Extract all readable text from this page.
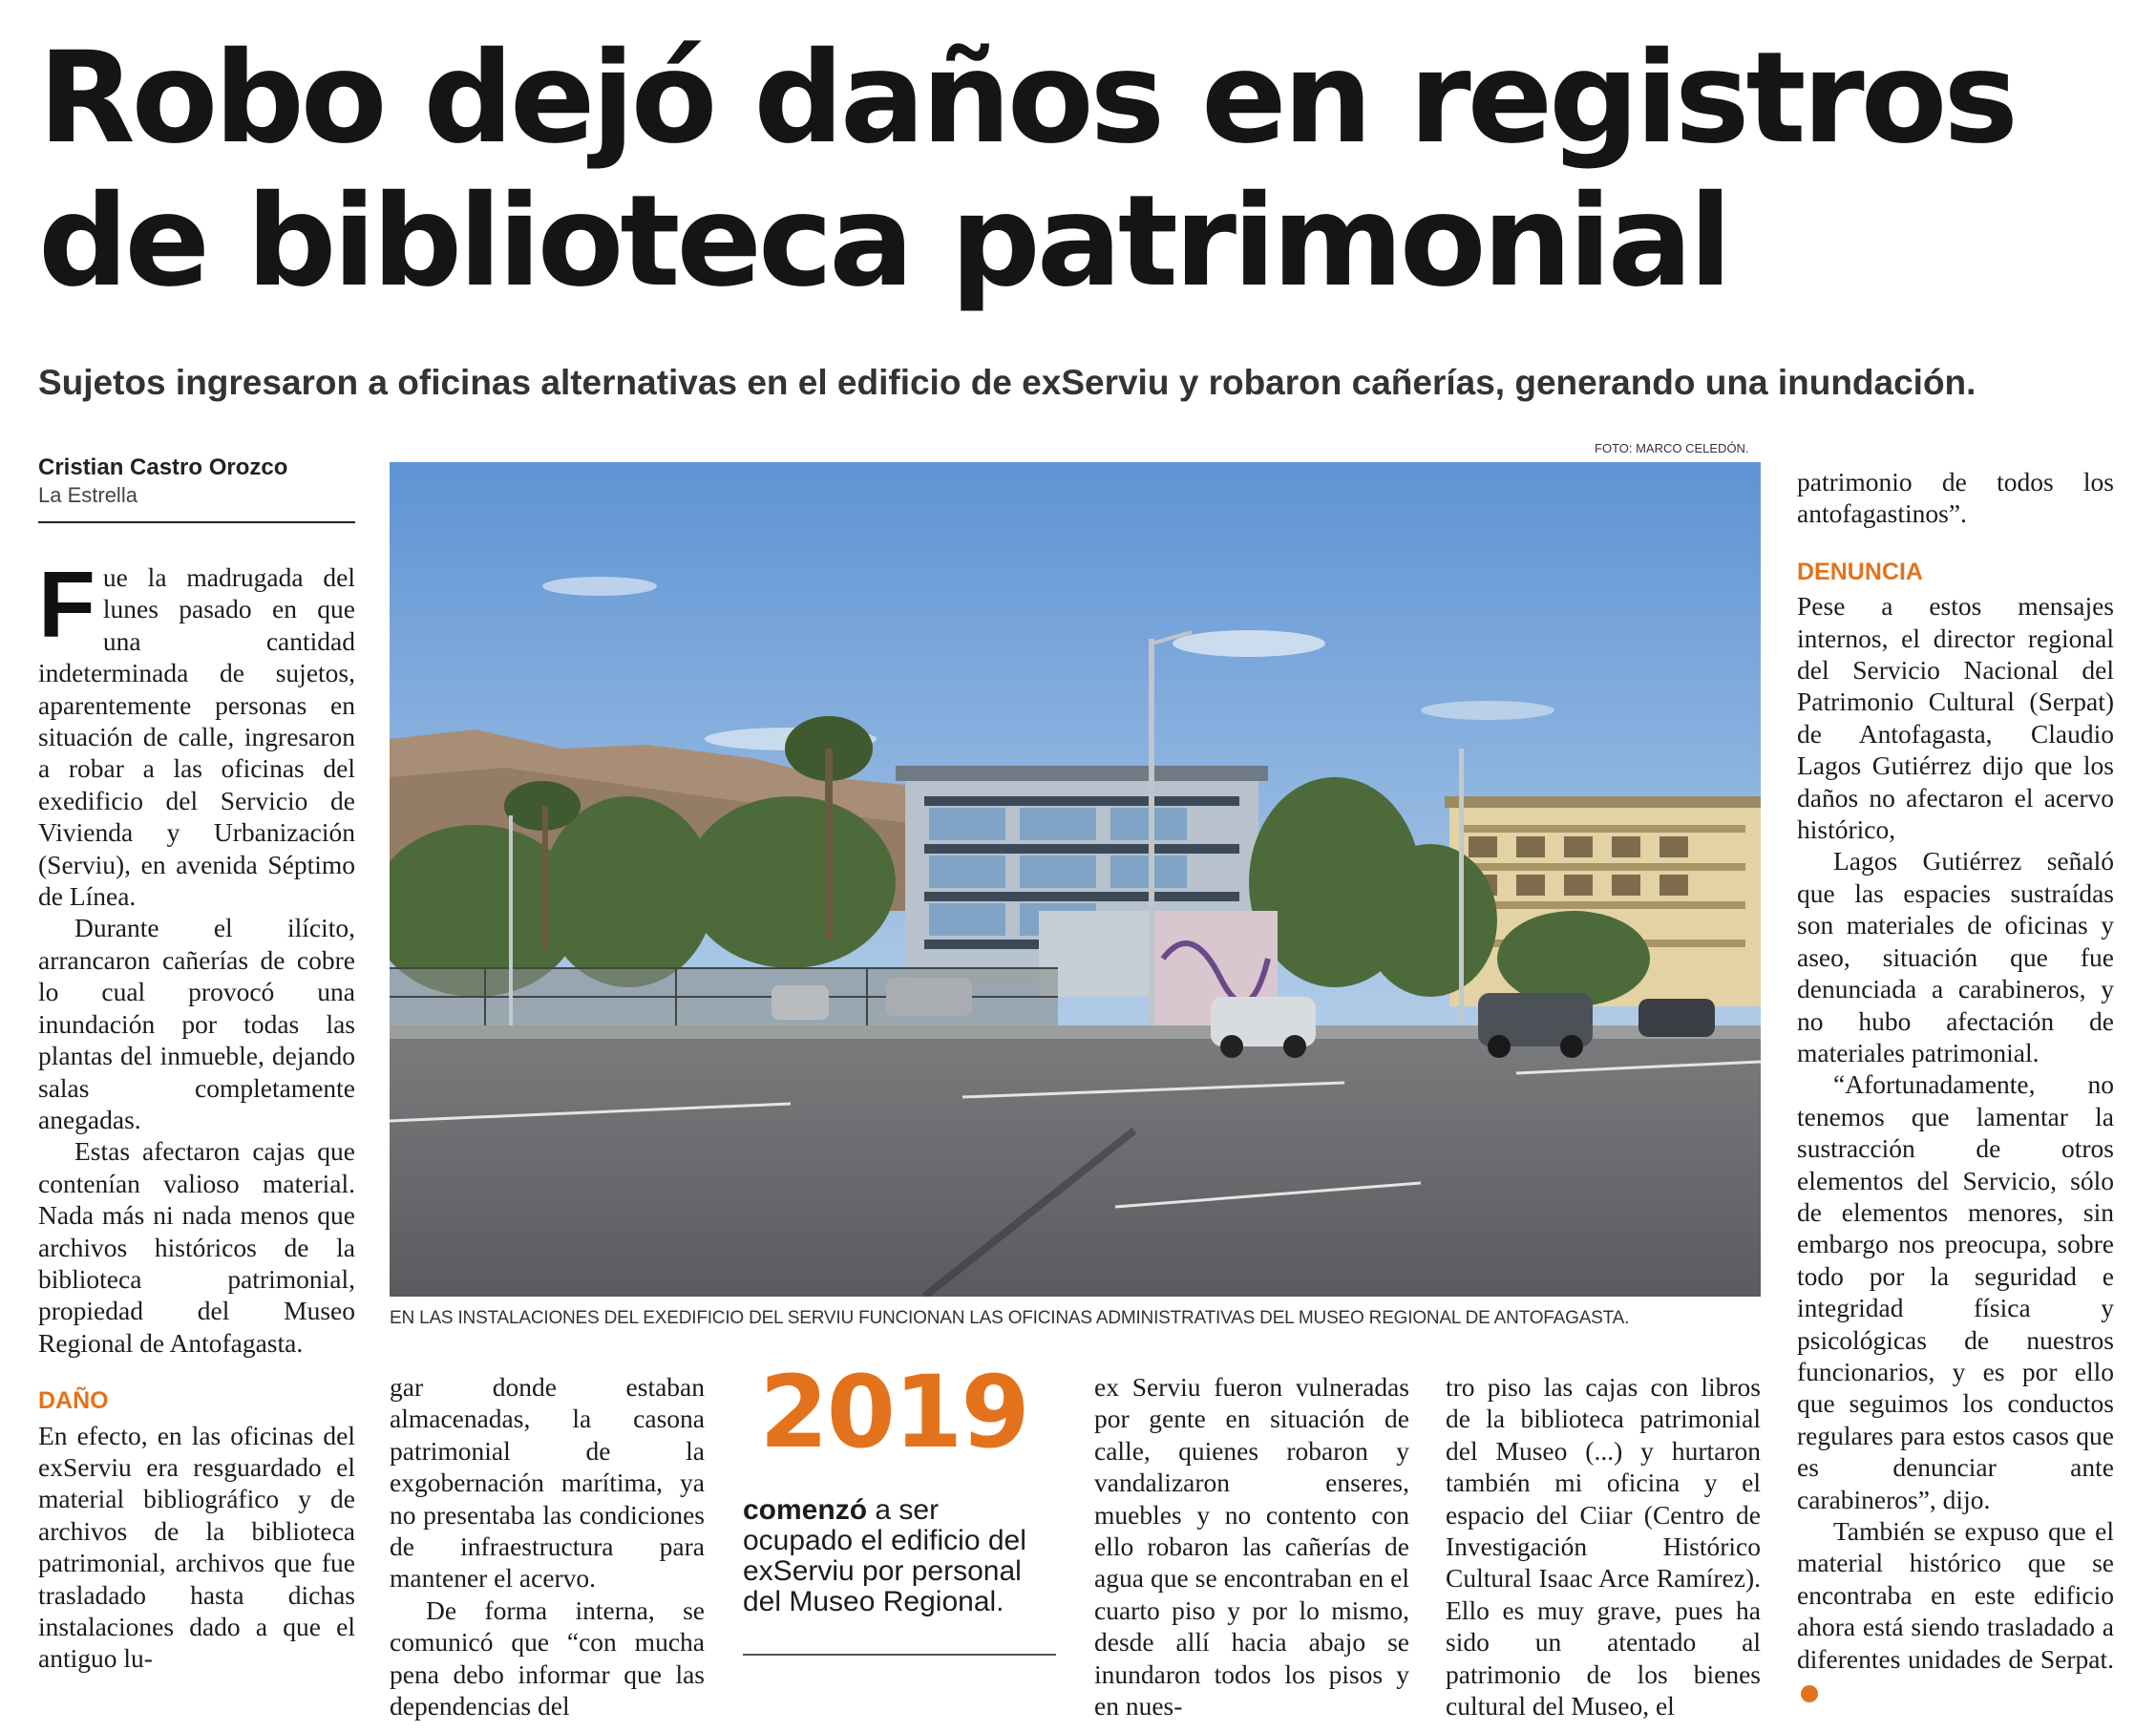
Robo dejó daños en registros de biblioteca patrimonial

Sujetos ingresaron a oficinas alternativas en el edificio de exServiu y robaron cañerías, generando una inundación.

Cristian Castro Orozco
La Estrella

Fue la madrugada del lunes pasado en que una cantidad indeterminada de sujetos, aparentemente personas en situación de calle, ingresaron a robar a las oficinas del exedificio del Servicio de Vivienda y Urbanización (Serviu), en avenida Séptimo de Línea.

Durante el ilícito, arrancaron cañerías de cobre lo cual provocó una inundación por todas las plantas del inmueble, dejando salas completamente anegadas.

Estas afectaron cajas que contenían valioso material. Nada más ni nada menos que archivos históricos de la biblioteca patrimonial, propiedad del Museo Regional de Antofagasta.

DAÑO

En efecto, en las oficinas del exServiu era resguardado el material bibliográfico y de archivos de la biblioteca patrimonial, archivos que fue trasladado hasta dichas instalaciones dado a que el antiguo lu-

FOTO: MARCO CELEDÓN.
EN LAS INSTALACIONES DEL EXEDIFICIO DEL SERVIU FUNCIONAN LAS OFICINAS ADMINISTRATIVAS DEL MUSEO REGIONAL DE ANTOFAGASTA.

gar donde estaban almacenadas, la casona patrimonial de la exgobernación marítima, ya no presentaba las condiciones de infraestructura para mantener el acervo.

De forma interna, se comunicó que “con mucha pena debo informar que las dependencias del

2019
comenzó a ser ocupado el edificio del exServiu por personal del Museo Regional.

ex Serviu fueron vulneradas por gente en situación de calle, quienes robaron y vandalizaron enseres, muebles y no contento con ello robaron las cañerías de agua que se encontraban en el cuarto piso y por lo mismo, desde allí hacia abajo se inundaron todos los pisos y en nues-

tro piso las cajas con libros de la biblioteca patrimonial del Museo (...) y hurtaron también mi oficina y el espacio del Ciiar (Centro de Investigación Histórico Cultural Isaac Arce Ramírez). Ello es muy grave, pues ha sido un atentado al patrimonio de los bienes cultural del Museo, el

patrimonio de todos los antofagastinos”.

DENUNCIA

Pese a estos mensajes internos, el director regional del Servicio Nacional del Patrimonio Cultural (Serpat) de Antofagasta, Claudio Lagos Gutiérrez dijo que los daños no afectaron el acervo histórico,

Lagos Gutiérrez señaló que las espacies sustraídas son materiales de oficinas y aseo, situación que fue denunciada a carabineros, y no hubo afectación de materiales patrimonial.

“Afortunadamente, no tenemos que lamentar la sustracción de otros elementos del Servicio, sólo de elementos menores, sin embargo nos preocupa, sobre todo por la seguridad e integridad física y psicológicas de nuestros funcionarios, y es por ello que seguimos los conductos regulares para estos casos que es denunciar ante carabineros”, dijo.

También se expuso que el material histórico que se encontraba en este edificio ahora está siendo trasladado a diferentes unidades de Serpat.
